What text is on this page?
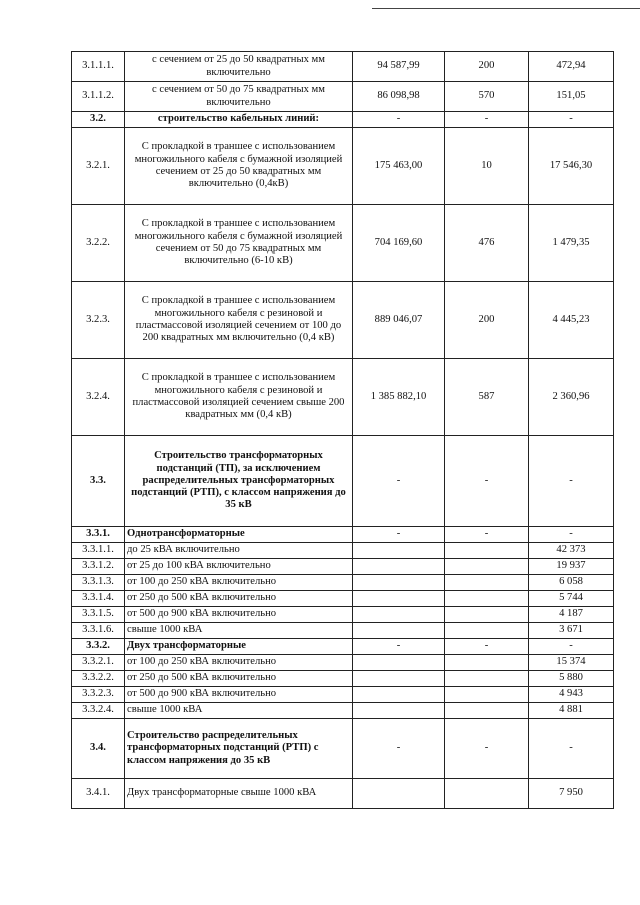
3.1.1.1.	с сечением от 25 до 50 квадратных мм включительно	94 587,99	200	472,94
3.1.1.2.	с сечением от 50 до 75 квадратных мм включительно	86 098,98	570	151,05
3.2.	строительство кабельных линий:	-	-	-
3.2.1.	С прокладкой в траншее с использованием многожильного кабеля с бумажной изоляцией сечением от 25 до 50 квадратных мм включительно (0,4кВ)	175 463,00	10	17 546,30
3.2.2.	С прокладкой в траншее с использованием многожильного кабеля с бумажной изоляцией сечением от 50 до 75 квадратных мм включительно (6-10 кВ)	704 169,60	476	1 479,35
3.2.3.	С прокладкой в траншее с использованием многожильного кабеля с резиновой и пластмассовой изоляцией сечением от 100 до 200 квадратных мм включительно (0,4 кВ)	889 046,07	200	4 445,23
3.2.4.	С прокладкой в траншее с использованием многожильного кабеля с резиновой и пластмассовой изоляцией сечением свыше 200 квадратных мм (0,4 кВ)	1 385 882,10	587	2 360,96
3.3.	Строительство трансформаторных подстанций (ТП), за исключением распределительных трансформаторных подстанций (РТП), с классом напряжения до 35 кВ	-	-	-
3.3.1.	Однотрансформаторные	-	-	-
3.3.1.1.	до 25 кВА включительно			42 373
3.3.1.2.	от 25 до 100 кВА включительно			19 937
3.3.1.3.	от 100 до 250 кВА включительно			6 058
3.3.1.4.	от 250 до 500 кВА включительно			5 744
3.3.1.5.	от 500 до 900 кВА включительно			4 187
3.3.1.6.	свыше 1000 кВА			3 671
3.3.2.	Двух трансформаторные	-	-	-
3.3.2.1.	от 100 до 250 кВА включительно			15 374
3.3.2.2.	от 250 до 500 кВА включительно			5 880
3.3.2.3.	от 500 до 900 кВА включительно			4 943
3.3.2.4.	свыше 1000 кВА			4 881
3.4.	Строительство распределительных трансформаторных подстанций (РТП) с классом напряжения до 35 кВ	-	-	-
3.4.1.	Двух трансформаторные свыше 1000 кВА			7 950
